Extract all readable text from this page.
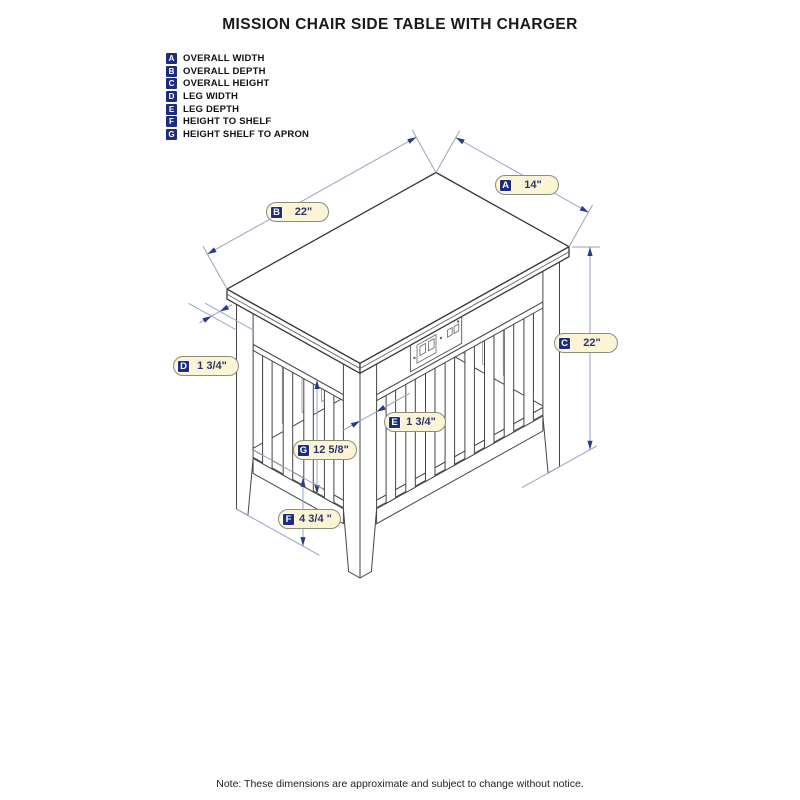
MISSION CHAIR SIDE TABLE WITH CHARGER
A OVERALL WIDTH
B OVERALL DEPTH
C OVERALL HEIGHT
D LEG WIDTH
E LEG DEPTH
F HEIGHT TO SHELF
G HEIGHT SHELF TO APRON
A	14"
B	22"
C	22"
D 1 3/4"
E 1 3/4"
G 12 5/8"
F 4 3/4 "
Note: These dimensions are approximate and subject to change without notice.
